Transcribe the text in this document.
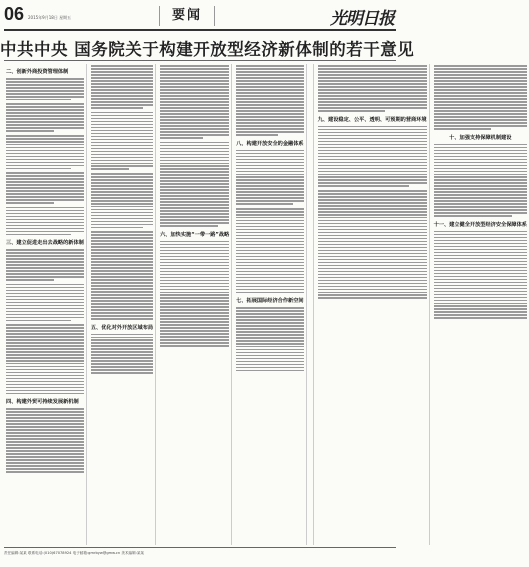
06 2015年9月18日 星期五	要闻	光明日报
中共中央 国务院关于构建开放型经济新体制的若干意见
二、创新外商投资管理体制
三、建立促进走出去战略的新体制
四、构建外贸可持续发展新机制
五、优化对外开放区域布局
六、加快实施“一带一路”战略
八、构建开放安全的金融体系
七、拓展国际经济合作新空间
九、建设稳定、公平、透明、可预期的营商环境
十、加强支持保障机制建设
十一、建立健全开放型经济安全保障体系
责任编辑:某某 联系电话:(010)67078924 电子邮箱:gmrbyw@gmw.cn 美术编辑:某某
